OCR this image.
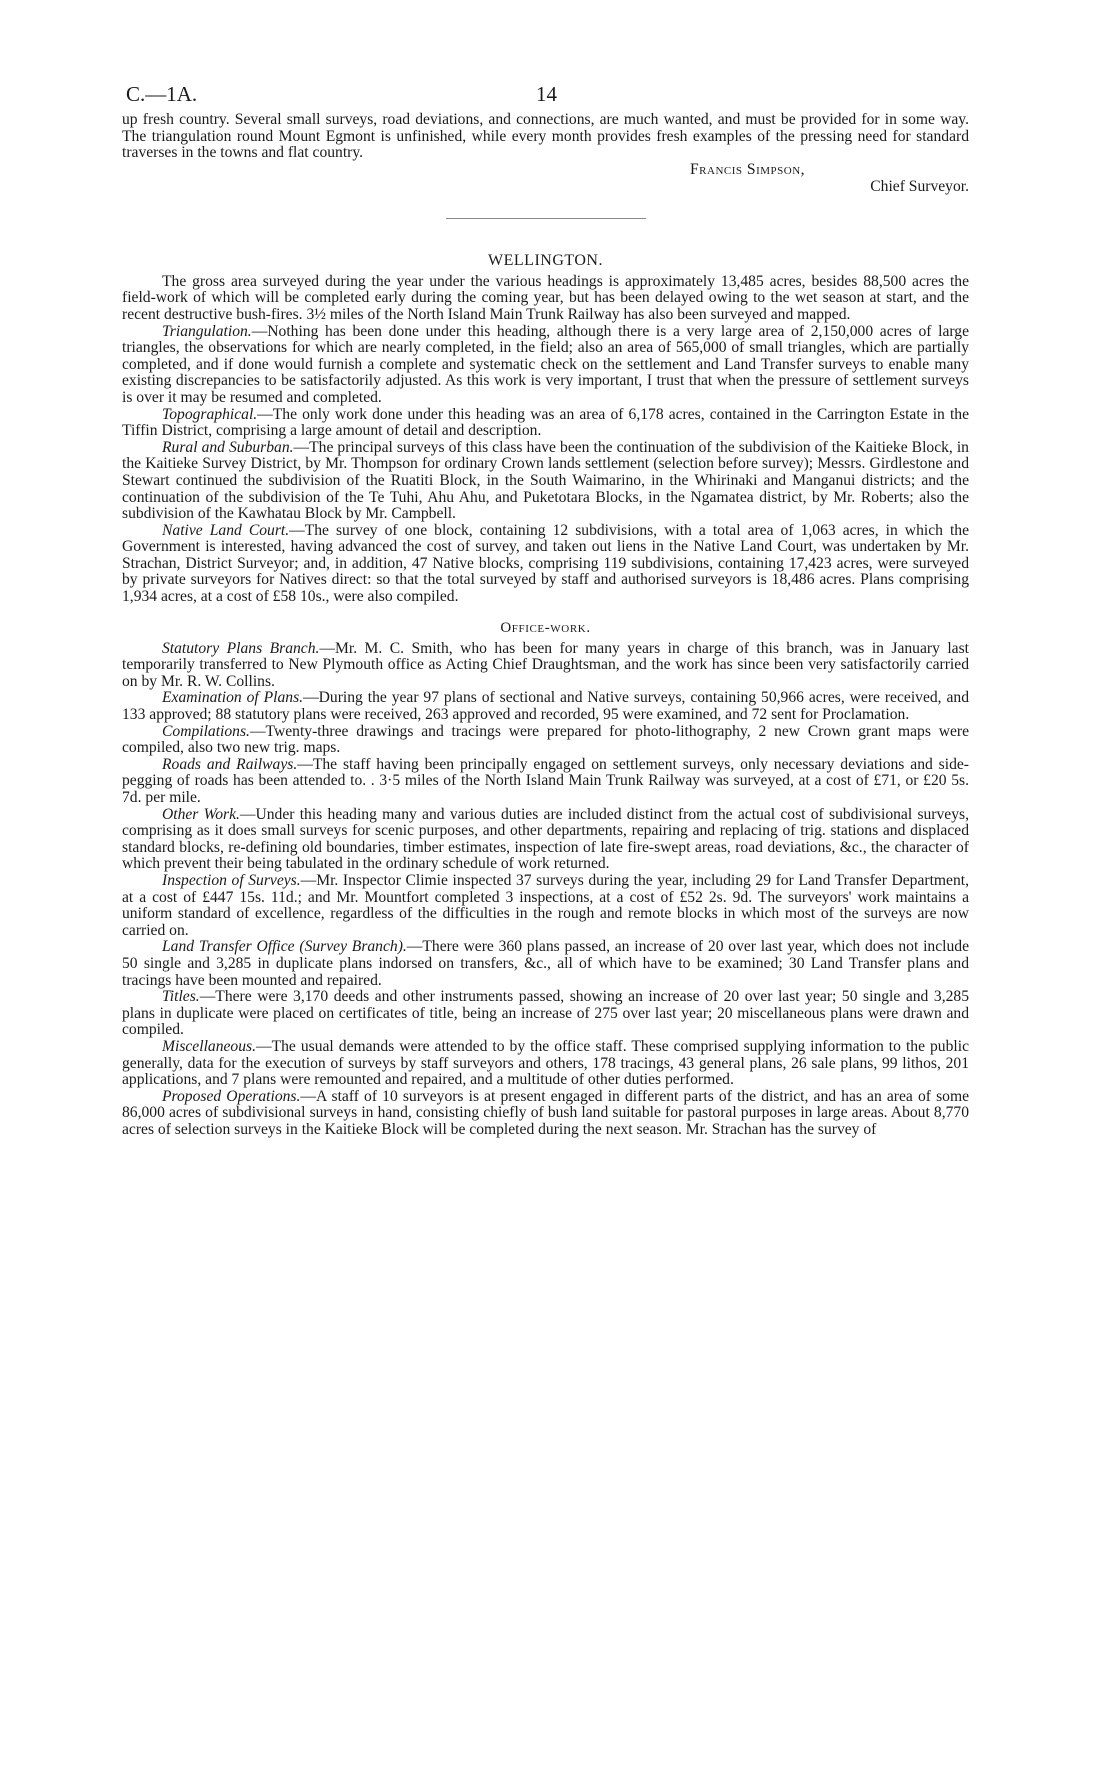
C.—1A.	14

up fresh country. Several small surveys, road deviations, and connections, are much wanted, and must be provided for in some way. The triangulation round Mount Egmont is unfinished, while every month provides fresh examples of the pressing need for standard traverses in the towns and flat country.

Francis Simpson,
Chief Surveyor.
WELLINGTON.

The gross area surveyed during the year under the various headings is approximately 13,485 acres, besides 88,500 acres the field-work of which will be completed early during the coming year, but has been delayed owing to the wet season at start, and the recent destructive bush-fires. 3½ miles of the North Island Main Trunk Railway has also been surveyed and mapped.

Triangulation.—Nothing has been done under this heading, although there is a very large area of 2,150,000 acres of large triangles, the observations for which are nearly completed, in the field; also an area of 565,000 of small triangles, which are partially completed, and if done would furnish a complete and systematic check on the settlement and Land Transfer surveys to enable many existing discrepancies to be satisfactorily adjusted. As this work is very important, I trust that when the pressure of settlement surveys is over it may be resumed and completed.

Topographical.—The only work done under this heading was an area of 6,178 acres, contained in the Carrington Estate in the Tiffin District, comprising a large amount of detail and description.

Rural and Suburban.—The principal surveys of this class have been the continuation of the subdivision of the Kaitieke Block, in the Kaitieke Survey District, by Mr. Thompson for ordinary Crown lands settlement (selection before survey); Messrs. Girdlestone and Stewart continued the subdivision of the Ruatiti Block, in the South Waimarino, in the Whirinaki and Manganui districts; and the continuation of the subdivision of the Te Tuhi, Ahu Ahu, and Puketotara Blocks, in the Ngamatea district, by Mr. Roberts; also the subdivision of the Kawhatau Block by Mr. Campbell.

Native Land Court.—The survey of one block, containing 12 subdivisions, with a total area of 1,063 acres, in which the Government is interested, having advanced the cost of survey, and taken out liens in the Native Land Court, was undertaken by Mr. Strachan, District Surveyor; and, in addition, 47 Native blocks, comprising 119 subdivisions, containing 17,423 acres, were surveyed by private surveyors for Natives direct: so that the total surveyed by staff and authorised surveyors is 18,486 acres. Plans comprising 1,934 acres, at a cost of £58 10s., were also compiled.

Office-work.

Statutory Plans Branch.—Mr. M. C. Smith, who has been for many years in charge of this branch, was in January last temporarily transferred to New Plymouth office as Acting Chief Draughtsman, and the work has since been very satisfactorily carried on by Mr. R. W. Collins.

Examination of Plans.—During the year 97 plans of sectional and Native surveys, containing 50,966 acres, were received, and 133 approved; 88 statutory plans were received, 263 approved and recorded, 95 were examined, and 72 sent for Proclamation.

Compilations.—Twenty-three drawings and tracings were prepared for photo-lithography, 2 new Crown grant maps were compiled, also two new trig. maps.

Roads and Railways.—The staff having been principally engaged on settlement surveys, only necessary deviations and side-pegging of roads has been attended to. . 3·5 miles of the North Island Main Trunk Railway was surveyed, at a cost of £71, or £20 5s. 7d. per mile.

Other Work.—Under this heading many and various duties are included distinct from the actual cost of subdivisional surveys, comprising as it does small surveys for scenic purposes, and other departments, repairing and replacing of trig. stations and displaced standard blocks, re-defining old boundaries, timber estimates, inspection of late fire-swept areas, road deviations, &c., the character of which prevent their being tabulated in the ordinary schedule of work returned.

Inspection of Surveys.—Mr. Inspector Climie inspected 37 surveys during the year, including 29 for Land Transfer Department, at a cost of £447 15s. 11d.; and Mr. Mountfort completed 3 inspections, at a cost of £52 2s. 9d. The surveyors' work maintains a uniform standard of excellence, regardless of the difficulties in the rough and remote blocks in which most of the surveys are now carried on.

Land Transfer Office (Survey Branch).—There were 360 plans passed, an increase of 20 over last year, which does not include 50 single and 3,285 in duplicate plans indorsed on transfers, &c., all of which have to be examined; 30 Land Transfer plans and tracings have been mounted and repaired.

Titles.—There were 3,170 deeds and other instruments passed, showing an increase of 20 over last year; 50 single and 3,285 plans in duplicate were placed on certificates of title, being an increase of 275 over last year; 20 miscellaneous plans were drawn and compiled.

Miscellaneous.—The usual demands were attended to by the office staff. These comprised supplying information to the public generally, data for the execution of surveys by staff surveyors and others, 178 tracings, 43 general plans, 26 sale plans, 99 lithos, 201 applications, and 7 plans were remounted and repaired, and a multitude of other duties performed.

Proposed Operations.—A staff of 10 surveyors is at present engaged in different parts of the district, and has an area of some 86,000 acres of subdivisional surveys in hand, consisting chiefly of bush land suitable for pastoral purposes in large areas. About 8,770 acres of selection surveys in the Kaitieke Block will be completed during the next season. Mr. Strachan has the survey of
